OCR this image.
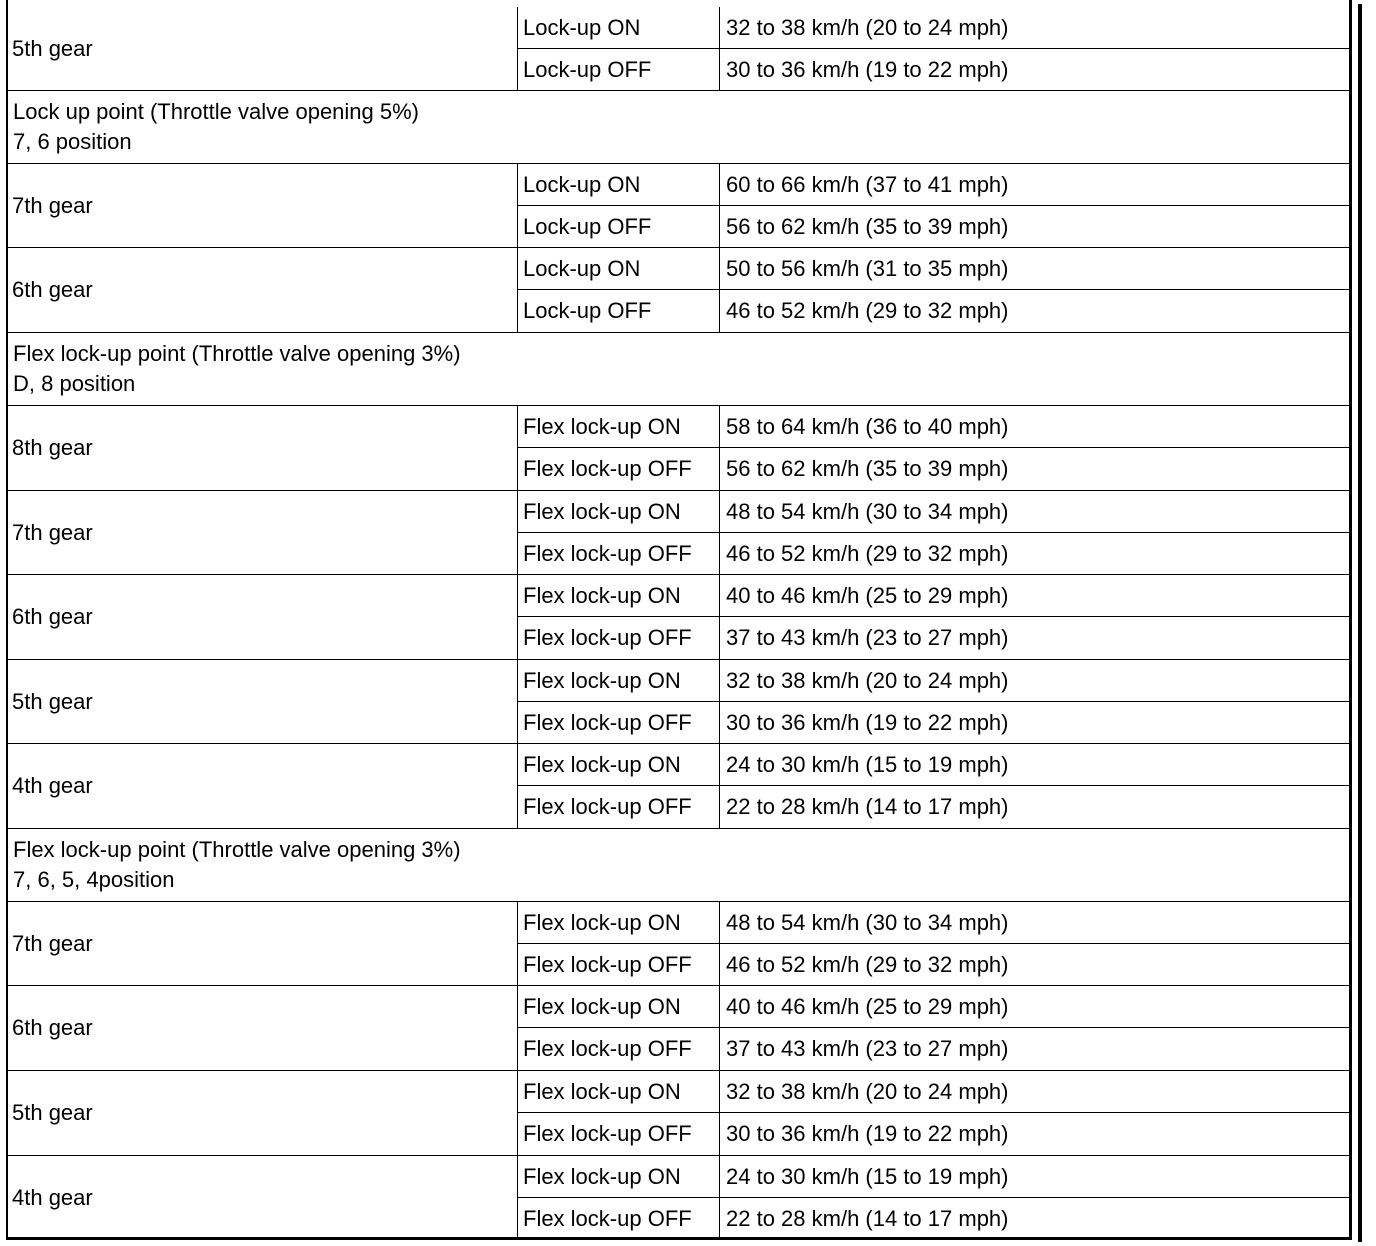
5th gear
Lock-up ON	32 to 38 km/h (20 to 24 mph)
Lock-up OFF	30 to 36 km/h (19 to 22 mph)
Lock up point (Throttle valve opening 5%)
7, 6 position
7th gear
Lock-up ON	60 to 66 km/h (37 to 41 mph)
Lock-up OFF	56 to 62 km/h (35 to 39 mph)
6th gear
Lock-up ON	50 to 56 km/h (31 to 35 mph)
Lock-up OFF	46 to 52 km/h (29 to 32 mph)
Flex lock-up point (Throttle valve opening 3%)
D, 8 position
8th gear
Flex lock-up ON	58 to 64 km/h (36 to 40 mph)
Flex lock-up OFF	56 to 62 km/h (35 to 39 mph)
7th gear
Flex lock-up ON	48 to 54 km/h (30 to 34 mph)
Flex lock-up OFF	46 to 52 km/h (29 to 32 mph)
6th gear
Flex lock-up ON	40 to 46 km/h (25 to 29 mph)
Flex lock-up OFF	37 to 43 km/h (23 to 27 mph)
5th gear
Flex lock-up ON	32 to 38 km/h (20 to 24 mph)
Flex lock-up OFF	30 to 36 km/h (19 to 22 mph)
4th gear
Flex lock-up ON	24 to 30 km/h (15 to 19 mph)
Flex lock-up OFF	22 to 28 km/h (14 to 17 mph)
Flex lock-up point (Throttle valve opening 3%)
7, 6, 5, 4position
7th gear
Flex lock-up ON	48 to 54 km/h (30 to 34 mph)
Flex lock-up OFF	46 to 52 km/h (29 to 32 mph)
6th gear
Flex lock-up ON	40 to 46 km/h (25 to 29 mph)
Flex lock-up OFF	37 to 43 km/h (23 to 27 mph)
5th gear
Flex lock-up ON	32 to 38 km/h (20 to 24 mph)
Flex lock-up OFF	30 to 36 km/h (19 to 22 mph)
4th gear
Flex lock-up ON	24 to 30 km/h (15 to 19 mph)
Flex lock-up OFF	22 to 28 km/h (14 to 17 mph)
